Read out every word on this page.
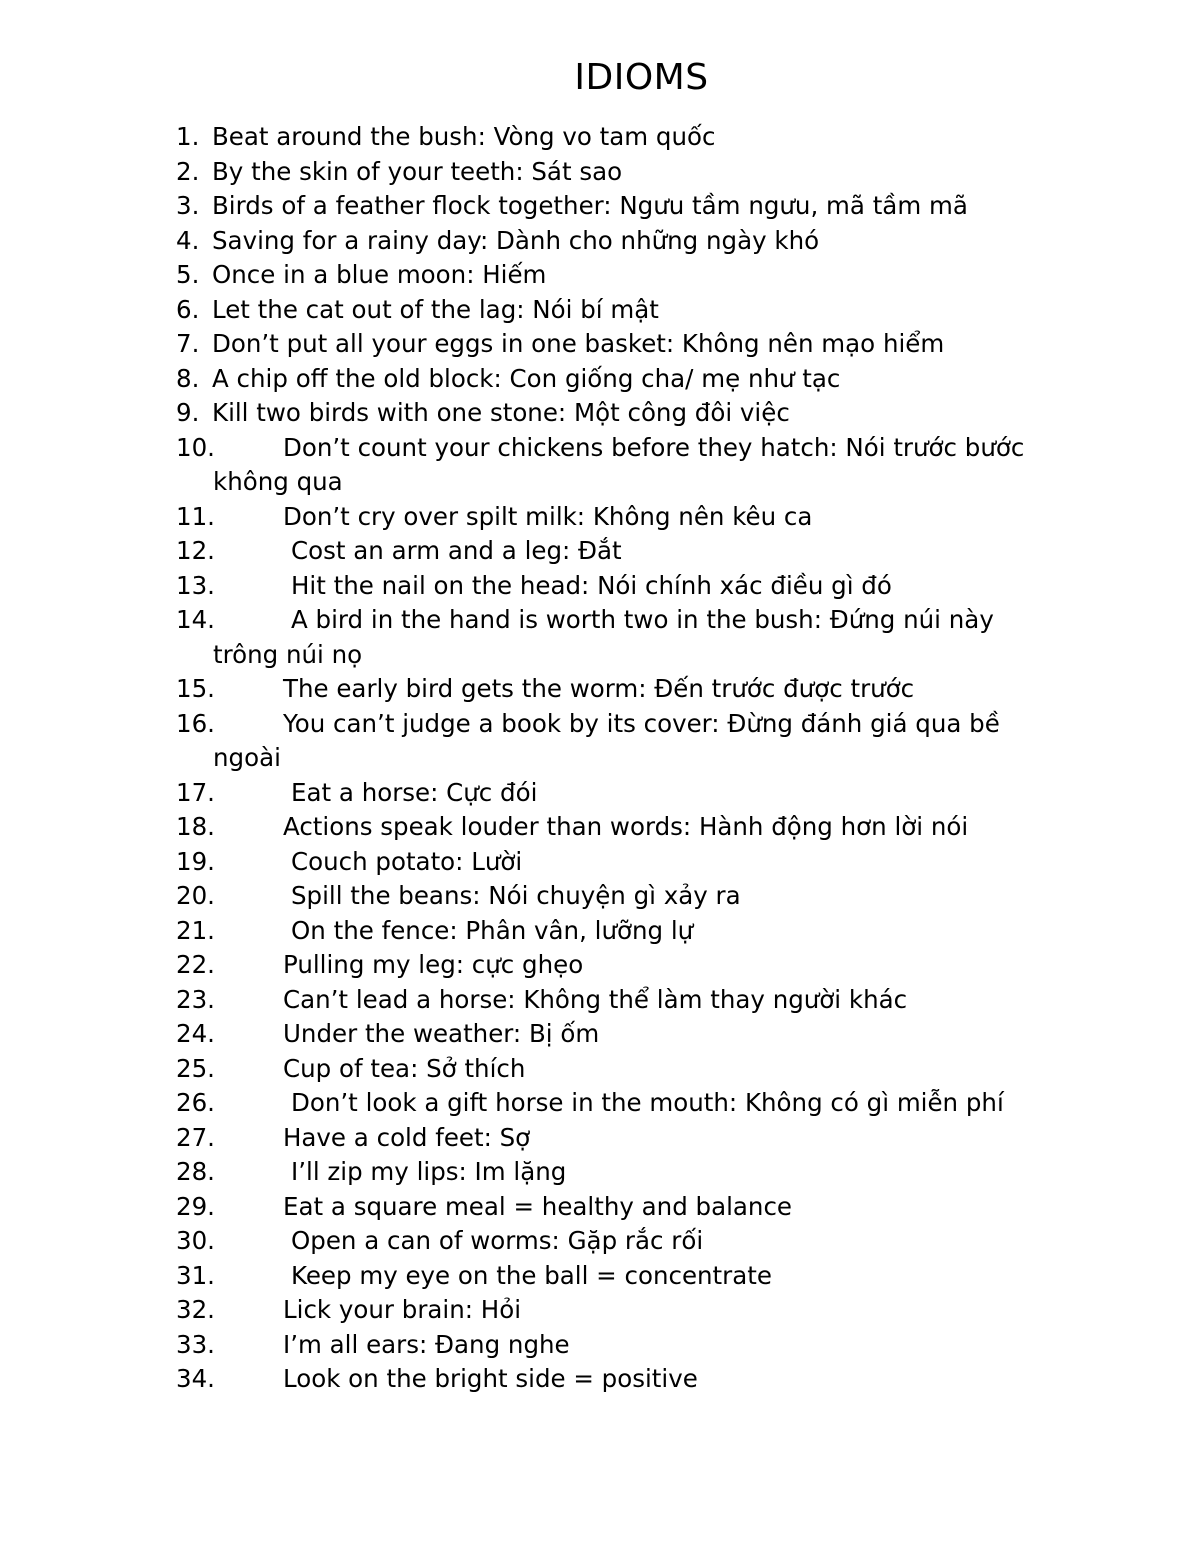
IDIOMS
1. Beat around the bush: Vòng vo tam quốc
2. By the skin of your teeth: Sát sao
3. Birds of a feather flock together: Ngưu tầm ngưu, mã tầm mã
4. Saving for a rainy day: Dành cho những ngày khó
5. Once in a blue moon: Hiếm
6. Let the cat out of the lag: Nói bí mật
7. Don’t put all your eggs in one basket: Không nên mạo hiểm
8. A chip off the old block: Con giống cha/ mẹ như tạc
9. Kill two birds with one stone: Một công đôi việc
10.	Don’t count your chickens before they hatch: Nói trước bước
không qua
11.	Don’t cry over spilt milk: Không nên kêu ca
12.	Cost an arm and a leg: Đắt
13.	Hit the nail on the head: Nói chính xác điều gì đó
14.	A bird in the hand is worth two in the bush: Đứng núi này
trông núi nọ
15.	The early bird gets the worm: Đến trước được trước
16.	You can’t judge a book by its cover: Đừng đánh giá qua bề
ngoài
17.	Eat a horse: Cực đói
18.	Actions speak louder than words: Hành động hơn lời nói
19.	Couch potato: Lười
20.	Spill the beans: Nói chuyện gì xảy ra
21.	On the fence: Phân vân, lưỡng lự
22.	Pulling my leg: cực ghẹo
23.	Can’t lead a horse: Không thể làm thay người khác
24.	Under the weather: Bị ốm
25.	Cup of tea: Sở thích
26.	Don’t look a gift horse in the mouth: Không có gì miễn phí
27.	Have a cold feet: Sợ
28.	I’ll zip my lips: Im lặng
29.	Eat a square meal = healthy and balance
30.	Open a can of worms: Gặp rắc rối
31.	Keep my eye on the ball = concentrate
32.	Lick your brain: Hỏi
33.	I’m all ears: Đang nghe
34.	Look on the bright side = positive
